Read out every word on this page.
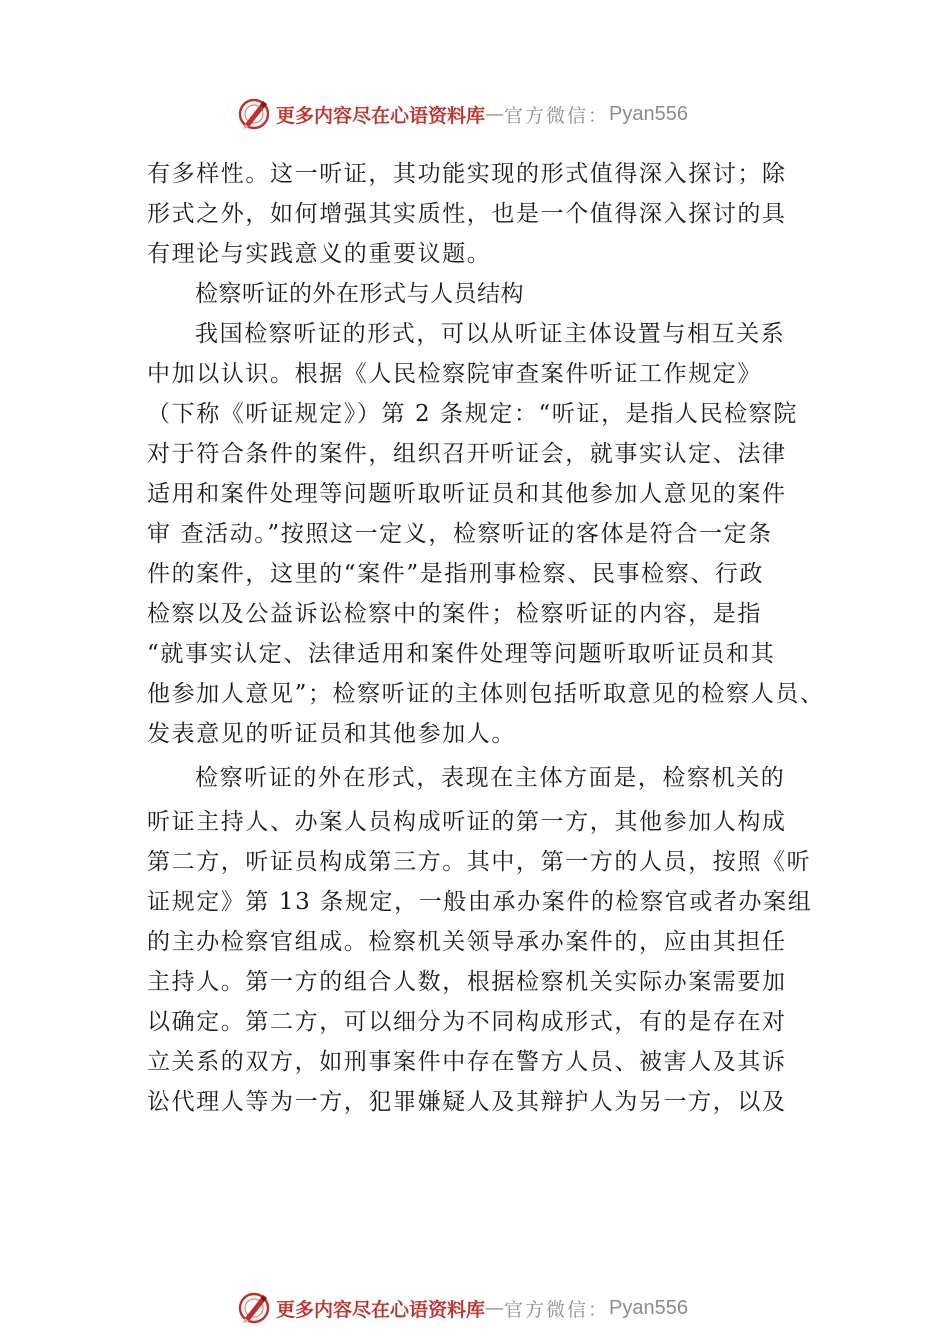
更多内容尽在心语资料库 — 官方微信： Pyan556
有多样性。这一听证，其功能实现的形式值得深入探讨；除
形式之外，如何增强其实质性，也是一个值得深入探讨的具
有理论与实践意义的重要议题。
检察听证的外在形式与人员结构
我国检察听证的形式，可以从听证主体设置与相互关系
中加以认识。根据《人民检察院审查案件听证工作规定》
（下称《听证规定》）第 2 条规定：“听证，是指人民检察院
对于符合条件的案件，组织召开听证会，就事实认定、法律
适用和案件处理等问题听取听证员和其他参加人意见的案件
审 查活动。”按照这一定义，检察听证的客体是符合一定条
件的案件，这里的“案件”是指刑事检察、民事检察、行政
检察以及公益诉讼检察中的案件；检察听证的内容，是指
“就事实认定、法律适用和案件处理等问题听取听证员和其
他参加人意见”；检察听证的主体则包括听取意见的检察人员、
发表意见的听证员和其他参加人。
检察听证的外在形式，表现在主体方面是，检察机关的
听证主持人、办案人员构成听证的第一方，其他参加人构成
第二方，听证员构成第三方。其中，第一方的人员，按照《听
证规定》第 13 条规定，一般由承办案件的检察官或者办案组
的主办检察官组成。检察机关领导承办案件的，应由其担任
主持人。第一方的组合人数，根据检察机关实际办案需要加
以确定。第二方，可以细分为不同构成形式，有的是存在对
立关系的双方，如刑事案件中存在警方人员、被害人及其诉
讼代理人等为一方，犯罪嫌疑人及其辩护人为另一方，以及
更多内容尽在心语资料库 — 官方微信： Pyan556
